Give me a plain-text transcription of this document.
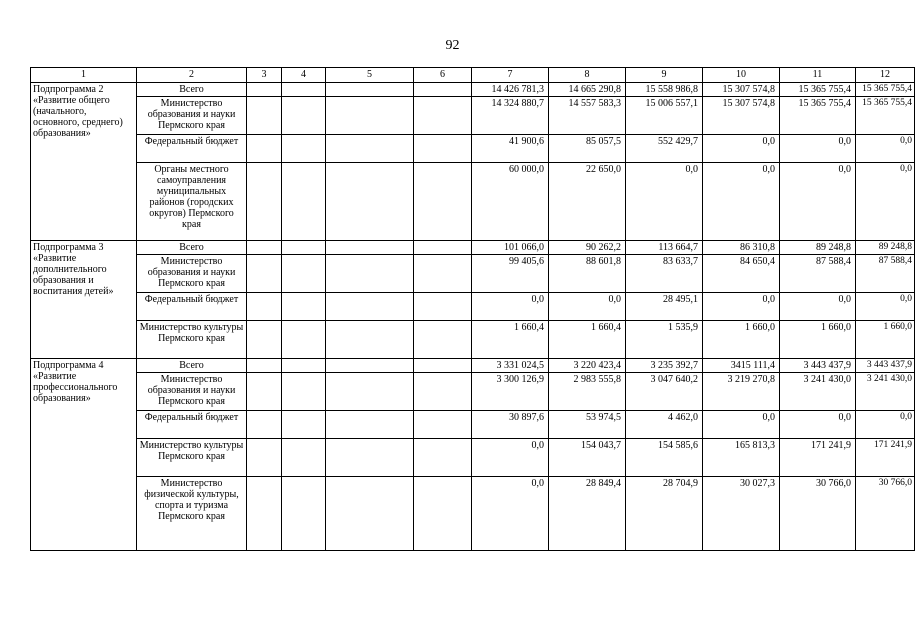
92
1	2	3	4	5	6	7	8	9	10	11	12
Подпрограмма 2 «Развитие общего (начального, основного, среднего) образования»	Всего					14 426 781,3	14 665 290,8	15 558 986,8	15 307 574,8	15 365 755,4	15 365 755,4
	Министерство образования и науки Пермского края					14 324 880,7	14 557 583,3	15 006 557,1	15 307 574,8	15 365 755,4	15 365 755,4
	Федеральный бюджет					41 900,6	85 057,5	552 429,7	0,0	0,0	0,0
	Органы местного самоуправления муниципальных районов (городских округов) Пермского края					60 000,0	22 650,0	0,0	0,0	0,0	0,0
Подпрограмма 3 «Развитие дополнительного образования и воспитания детей»	Всего					101 066,0	90 262,2	113 664,7	86 310,8	89 248,8	89 248,8
	Министерство образования и науки Пермского края					99 405,6	88 601,8	83 633,7	84 650,4	87 588,4	87 588,4
	Федеральный бюджет					0,0	0,0	28 495,1	0,0	0,0	0,0
	Министерство культуры Пермского края					1 660,4	1 660,4	1 535,9	1 660,0	1 660,0	1 660,0
Подпрограмма 4 «Развитие профессионального образования»	Всего					3 331 024,5	3 220 423,4	3 235 392,7	3415 111,4	3 443 437,9	3 443 437,9
	Министерство образования и науки Пермского края					3 300 126,9	2 983 555,8	3 047 640,2	3 219 270,8	3 241 430,0	3 241 430,0
	Федеральный бюджет					30 897,6	53 974,5	4 462,0	0,0	0,0	0,0
	Министерство культуры Пермского края					0,0	154 043,7	154 585,6	165 813,3	171 241,9	171 241,9
	Министерство физической культуры, спорта и туризма Пермского края					0,0	28 849,4	28 704,9	30 027,3	30 766,0	30 766,0
